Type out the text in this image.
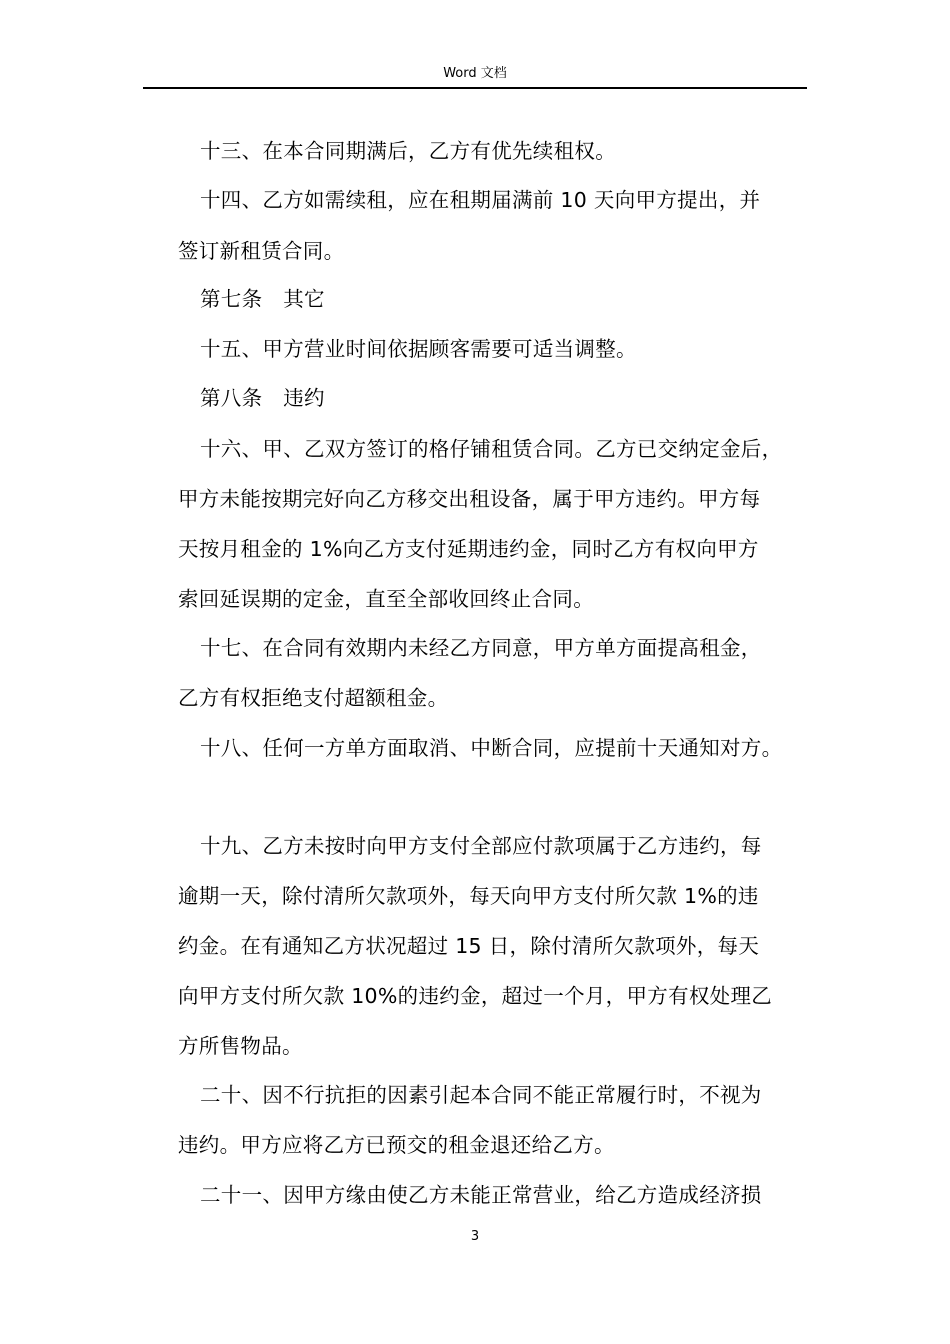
Word 文档
十三、在本合同期满后，乙方有优先续租权。
十四、乙方如需续租，应在租期届满前 10 天向甲方提出，并
签订新租赁合同。
第七条　其它
十五、甲方营业时间依据顾客需要可适当调整。
第八条　违约
十六、甲、乙双方签订的格仔铺租赁合同。乙方已交纳定金后，
甲方未能按期完好向乙方移交出租设备，属于甲方违约。甲方每
天按月租金的 1%向乙方支付延期违约金，同时乙方有权向甲方
索回延误期的定金，直至全部收回终止合同。
十七、在合同有效期内未经乙方同意，甲方单方面提高租金，
乙方有权拒绝支付超额租金。
十八、任何一方单方面取消、中断合同，应提前十天通知对方。
十九、乙方未按时向甲方支付全部应付款项属于乙方违约，每
逾期一天，除付清所欠款项外，每天向甲方支付所欠款 1%的违
约金。在有通知乙方状况超过 15 日，除付清所欠款项外，每天
向甲方支付所欠款 10%的违约金，超过一个月，甲方有权处理乙
方所售物品。
二十、因不行抗拒的因素引起本合同不能正常履行时，不视为
违约。甲方应将乙方已预交的租金退还给乙方。
二十一、因甲方缘由使乙方未能正常营业，给乙方造成经济损
3
